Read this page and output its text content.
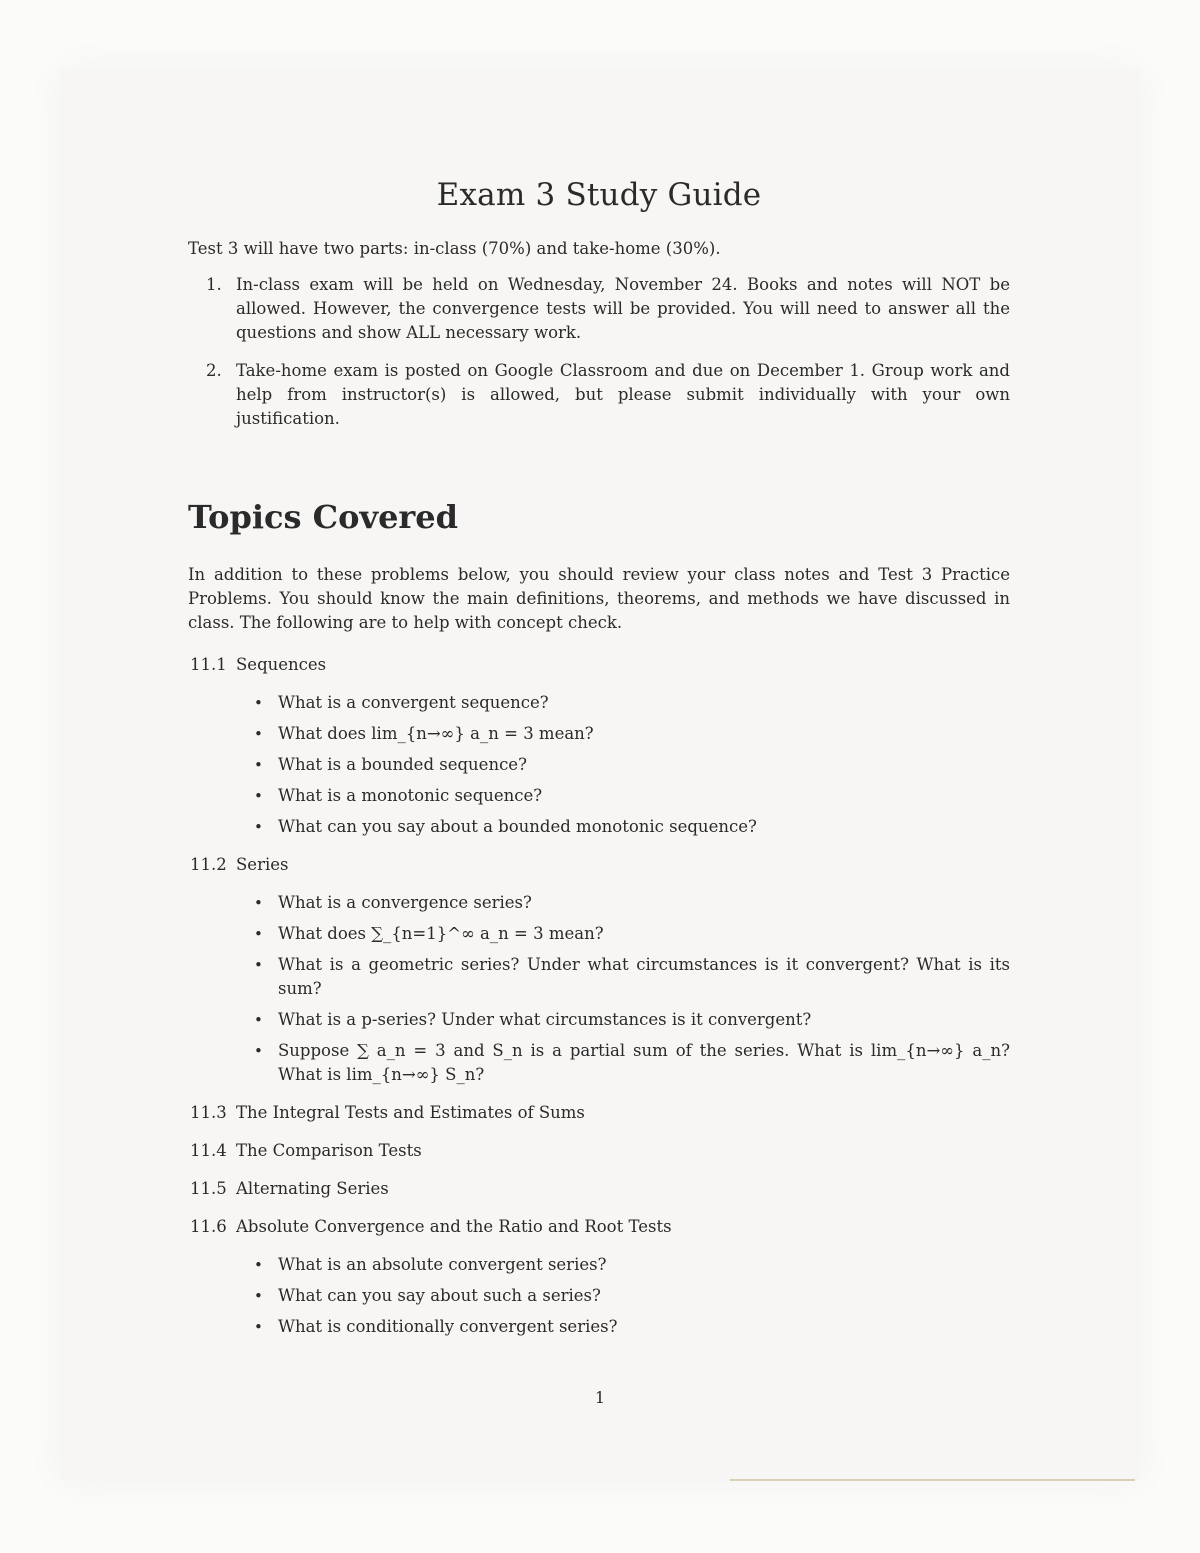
Exam 3 Study Guide

Test 3 will have two parts: in-class (70%) and take-home (30%).

1. In-class exam will be held on Wednesday, November 24. Books and notes will NOT be allowed. However, the convergence tests will be provided. You will need to answer all the questions and show ALL necessary work.
2. Take-home exam is posted on Google Classroom and due on December 1. Group work and help from instructor(s) is allowed, but please submit individually with your own justification.
Topics Covered

In addition to these problems below, you should review your class notes and Test 3 Practice Problems. You should know the main definitions, theorems, and methods we have discussed in class. The following are to help with concept check.

11.1 Sequences
• What is a convergent sequence?
• What does lim_{n→∞} a_n = 3 mean?
• What is a bounded sequence?
• What is a monotonic sequence?
• What can you say about a bounded monotonic sequence?
11.2 Series
• What is a convergence series?
• What does ∑_{n=1}^∞ a_n = 3 mean?
• What is a geometric series? Under what circumstances is it convergent? What is its sum?
• What is a p-series? Under what circumstances is it convergent?
• Suppose ∑ a_n = 3 and S_n is a partial sum of the series. What is lim_{n→∞} a_n? What is lim_{n→∞} S_n?
11.3 The Integral Tests and Estimates of Sums
11.4 The Comparison Tests
11.5 Alternating Series
11.6 Absolute Convergence and the Ratio and Root Tests
• What is an absolute convergent series?
• What can you say about such a series?
• What is conditionally convergent series?
1
